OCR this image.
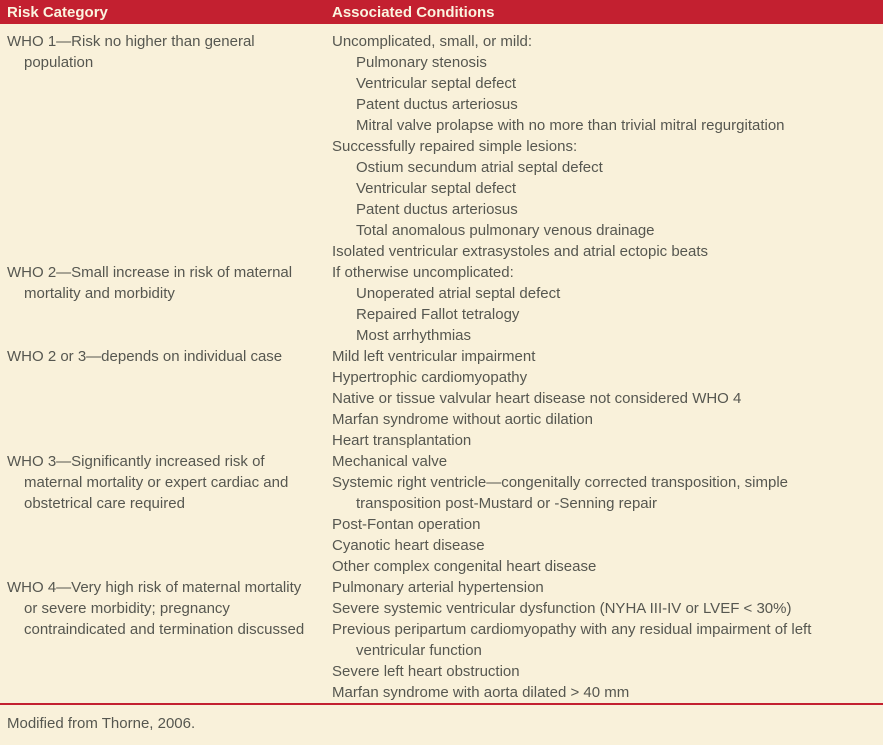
Risk Category	Associated Conditions
WHO 1—Risk no higher than general population
Uncomplicated, small, or mild:
Pulmonary stenosis
Ventricular septal defect
Patent ductus arteriosus
Mitral valve prolapse with no more than trivial mitral regurgitation
Successfully repaired simple lesions:
Ostium secundum atrial septal defect
Ventricular septal defect
Patent ductus arteriosus
Total anomalous pulmonary venous drainage
Isolated ventricular extrasystoles and atrial ectopic beats
WHO 2—Small increase in risk of maternal mortality and morbidity
If otherwise uncomplicated:
Unoperated atrial septal defect
Repaired Fallot tetralogy
Most arrhythmias
WHO 2 or 3—depends on individual case	Mild left ventricular impairment
Hypertrophic cardiomyopathy
Native or tissue valvular heart disease not considered WHO 4
Marfan syndrome without aortic dilation
Heart transplantation
WHO 3—Significantly increased risk of maternal mortality or expert cardiac and obstetrical care required
Mechanical valve
Systemic right ventricle—congenitally corrected transposition, simple transposition post-Mustard or -Senning repair
Post-Fontan operation
Cyanotic heart disease
Other complex congenital heart disease
WHO 4—Very high risk of maternal mortality or severe morbidity; pregnancy contraindicated and termination discussed
Pulmonary arterial hypertension
Severe systemic ventricular dysfunction (NYHA III-IV or LVEF < 30%)
Previous peripartum cardiomyopathy with any residual impairment of left ventricular function
Severe left heart obstruction
Marfan syndrome with aorta dilated > 40 mm
Modified from Thorne, 2006.
